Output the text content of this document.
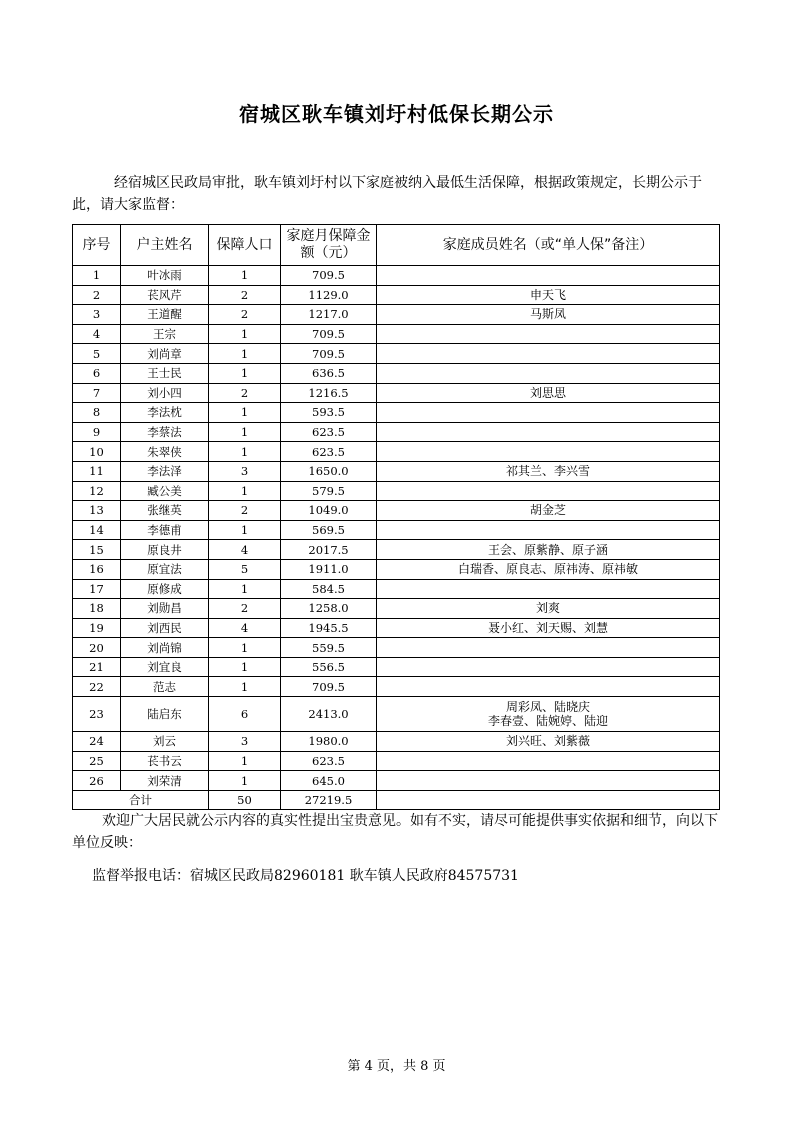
宿城区耿车镇刘圩村低保长期公示
经宿城区民政局审批，耿车镇刘圩村以下家庭被纳入最低生活保障，根据政策规定，长期公示于此，请大家监督：
序号	户主姓名	保障人口	家庭月保障金额（元）	家庭成员姓名（或“单人保”备注）
1	叶冰雨	1	709.5	
2	苌风芹	2	1129.0	申天飞
3	王道醒	2	1217.0	马斯凤
4	王宗	1	709.5	
5	刘尚章	1	709.5	
6	王士民	1	636.5	
7	刘小四	2	1216.5	刘思思
8	李法枕	1	593.5	
9	李蔡法	1	623.5	
10	朱翠侠	1	623.5	
11	李法泽	3	1650.0	祁其兰、李兴雪
12	臧公美	1	579.5	
13	张继英	2	1049.0	胡金芝
14	李德甫	1	569.5	
15	原良井	4	2017.5	王会、原紫静、原子涵
16	原宜法	5	1911.0	白瑞香、原良志、原祎涛、原祎敏
17	原修成	1	584.5	
18	刘勋昌	2	1258.0	刘爽
19	刘西民	4	1945.5	聂小红、刘天赐、刘慧
20	刘尚锦	1	559.5	
21	刘宜良	1	556.5	
22	范志	1	709.5	
23	陆启东	6	2413.0	周彩凤、陆晓庆
李春壹、陆婉婷、陆迎

24	刘云	3	1980.0	刘兴旺、刘紫薇
25	苌书云	1	623.5	
26	刘荣清	1	645.0	
合计		50	27219.5	
欢迎广大居民就公示内容的真实性提出宝贵意见。如有不实，请尽可能提供事实依据和细节，向以下单位反映：
监督举报电话：宿城区民政局82960181 耿车镇人民政府84575731
第 4 页，共 8 页
